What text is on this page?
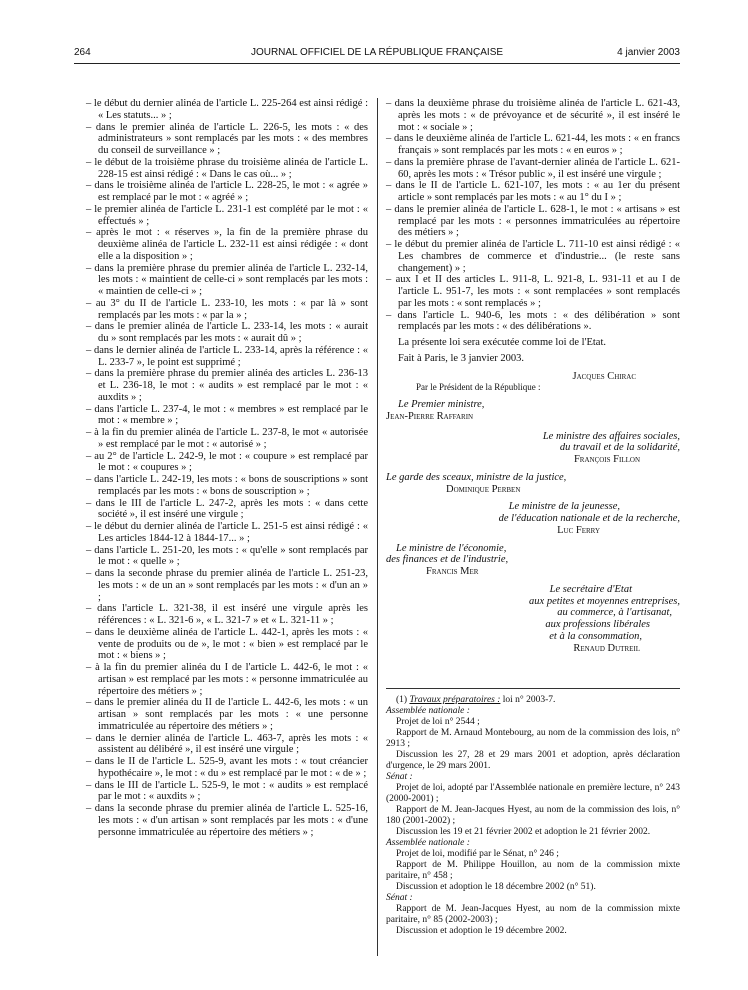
264	JOURNAL OFFICIEL DE LA RÉPUBLIQUE FRANÇAISE	4 janvier 2003

– le début du dernier alinéa de l'article L. 225-264 est ainsi rédigé : « Les statuts... » ;

– dans le premier alinéa de l'article L. 226-5, les mots : « des administrateurs » sont remplacés par les mots : « des membres du conseil de surveillance » ;

– le début de la troisième phrase du troisième alinéa de l'article L. 228-15 est ainsi rédigé : « Dans le cas où... » ;

– dans le troisième alinéa de l'article L. 228-25, le mot : « agrée » est remplacé par le mot : « agréé » ;

– le premier alinéa de l'article L. 231-1 est complété par le mot : « effectués » ;

– après le mot : « réserves », la fin de la première phrase du deuxième alinéa de l'article L. 232-11 est ainsi rédigée : « dont elle a la disposition » ;

– dans la première phrase du premier alinéa de l'article L. 232-14, les mots : « maintient de celle-ci » sont remplacés par les mots : « maintien de celle-ci » ;

– au 3° du II de l'article L. 233-10, les mots : « par là » sont remplacés par les mots : « par la » ;

– dans le premier alinéa de l'article L. 233-14, les mots : « aurait du » sont remplacés par les mots : « aurait dû » ;

– dans le dernier alinéa de l'article L. 233-14, après la référence : « L. 233-7 », le point est supprimé ;

– dans la première phrase du premier alinéa des articles L. 236-13 et L. 236-18, le mot : « audits » est remplacé par le mot : « auxdits » ;

– dans l'article L. 237-4, le mot : « membres » est remplacé par le mot : « membre » ;

– à la fin du premier alinéa de l'article L. 237-8, le mot « autorisée » est remplacé par le mot : « autorisé » ;

– au 2° de l'article L. 242-9, le mot : « coupure » est remplacé par le mot : « coupures » ;

– dans l'article L. 242-19, les mots : « bons de souscriptions » sont remplacés par les mots : « bons de souscription » ;

– dans le III de l'article L. 247-2, après les mots : « dans cette société », il est inséré une virgule ;

– le début du dernier alinéa de l'article L. 251-5 est ainsi rédigé : « Les articles 1844-12 à 1844-17... » ;

– dans l'article L. 251-20, les mots : « qu'elle » sont remplacés par le mot : « quelle » ;

– dans la seconde phrase du premier alinéa de l'article L. 251-23, les mots : « de un an » sont remplacés par les mots : « d'un an » ;

– dans l'article L. 321-38, il est inséré une virgule après les références : « L. 321-6 », « L. 321-7 » et « L. 321-11 » ;

– dans le deuxième alinéa de l'article L. 442-1, après les mots : « vente de produits ou de », le mot : « bien » est remplacé par le mot : « biens » ;

– à la fin du premier alinéa du I de l'article L. 442-6, le mot : « artisan » est remplacé par les mots : « personne immatriculée au répertoire des métiers » ;

– dans le premier alinéa du II de l'article L. 442-6, les mots : « un artisan » sont remplacés par les mots : « une personne immatriculée au répertoire des métiers » ;

– dans le dernier alinéa de l'article L. 463-7, après les mots : « assistent au délibéré », il est inséré une virgule ;

– dans le II de l'article L. 525-9, avant les mots : « tout créancier hypothécaire », le mot : « du » est remplacé par le mot : « de » ;

– dans le III de l'article L. 525-9, le mot : « audits » est remplacé par le mot : « auxdits » ;

– dans la seconde phrase du premier alinéa de l'article L. 525-16, les mots : « d'un artisan » sont remplacés par les mots : « d'une personne immatriculée au répertoire des métiers » ;

– dans la deuxième phrase du troisième alinéa de l'article L. 621-43, après les mots : « de prévoyance et de sécurité », il est inséré le mot : « sociale » ;

– dans le deuxième alinéa de l'article L. 621-44, les mots : « en francs français » sont remplacés par les mots : « en euros » ;

– dans la première phrase de l'avant-dernier alinéa de l'article L. 621-60, après les mots : « Trésor public », il est inséré une virgule ;

– dans le II de l'article L. 621-107, les mots : « au 1er du présent article » sont remplacés par les mots : « au 1° du I » ;

– dans le premier alinéa de l'article L. 628-1, le mot : « artisans » est remplacé par les mots : « personnes immatriculées au répertoire des métiers » ;

– le début du premier alinéa de l'article L. 711-10 est ainsi rédigé : « Les chambres de commerce et d'industrie... (le reste sans changement) » ;

– aux I et II des articles L. 911-8, L. 921-8, L. 931-11 et au I de l'article L. 951-7, les mots : « sont remplacées » sont remplacés par les mots : « sont remplacés » ;

– dans l'article L. 940-6, les mots : « des délibération » sont remplacés par les mots : « des délibérations ».

La présente loi sera exécutée comme loi de l'Etat.

Fait à Paris, le 3 janvier 2003.

Jacques Chirac

Par le Président de la République :

Le Premier ministre,

Jean-Pierre Raffarin

Le ministre des affaires sociales,

du travail et de la solidarité,

François Fillon

Le garde des sceaux, ministre de la justice,

Dominique Perben

Le ministre de la jeunesse,

de l'éducation nationale et de la recherche,

Luc Ferry

Le ministre de l'économie,

des finances et de l'industrie,

Francis Mer

Le secrétaire d'Etat

aux petites et moyennes entreprises,

au commerce, à l'artisanat,

aux professions libérales

et à la consommation,

Renaud Dutreil

(1) Travaux préparatoires : loi n° 2003-7.

Assemblée nationale :

Projet de loi n° 2544 ;

Rapport de M. Arnaud Montebourg, au nom de la commission des lois, n° 2913 ;

Discussion les 27, 28 et 29 mars 2001 et adoption, après déclaration d'urgence, le 29 mars 2001.

Sénat :

Projet de loi, adopté par l'Assemblée nationale en première lecture, n° 243 (2000-2001) ;

Rapport de M. Jean-Jacques Hyest, au nom de la commission des lois, n° 180 (2001-2002) ;

Discussion les 19 et 21 février 2002 et adoption le 21 février 2002.

Assemblée nationale :

Projet de loi, modifié par le Sénat, n° 246 ;

Rapport de M. Philippe Houillon, au nom de la commission mixte paritaire, n° 458 ;

Discussion et adoption le 18 décembre 2002 (n° 51).

Sénat :

Rapport de M. Jean-Jacques Hyest, au nom de la commission mixte paritaire, n° 85 (2002-2003) ;

Discussion et adoption le 19 décembre 2002.
